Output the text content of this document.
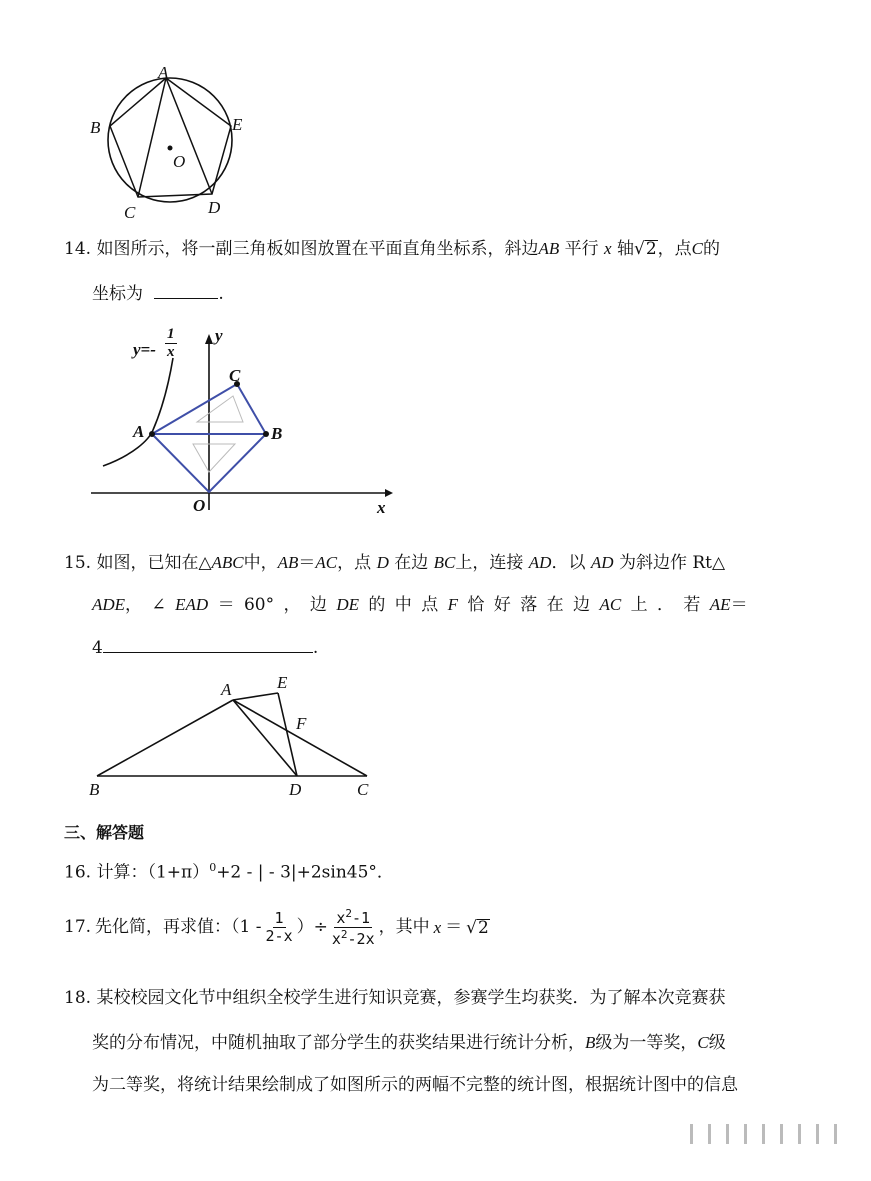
A
B	E
O
C	D
14. 如图所示，将一副三角板如图放置在平面直角坐标系，斜边AB 平行 x 轴√2，点C的
坐标为	.
$y=- \frac{1}{x}$ y
x
A	B
C
O
15. 如图，已知在△ABC中，AB＝AC，点 D 在边 BC上，连接 AD．以 AD 为斜边作 Rt△
ADE， ∠ EAD ＝ 60° ， 边 DE 的 中 点 F 恰 好 落 在 边 AC 上 ． 若 AE＝
4	.
A	E
F
B	D	C
三、解答题
16. 计算：$(1+\pi)^0+2$ - | - 3|+2sin45°．
17. 先化简，再求值：（$1 - \frac{1}{2-x}$ ）÷ $\frac{x^2-1}{x^2-2x}$ ，其中 x ＝ √2
18. 某校校园文化节中组织全校学生进行知识竞赛，参赛学生均获奖．为了解本次竞赛获
奖的分布情况，中随机抽取了部分学生的获奖结果进行统计分析，B级为一等奖，C级
为二等奖，将统计结果绘制成了如图所示的两幅不完整的统计图，根据统计图中的信息
